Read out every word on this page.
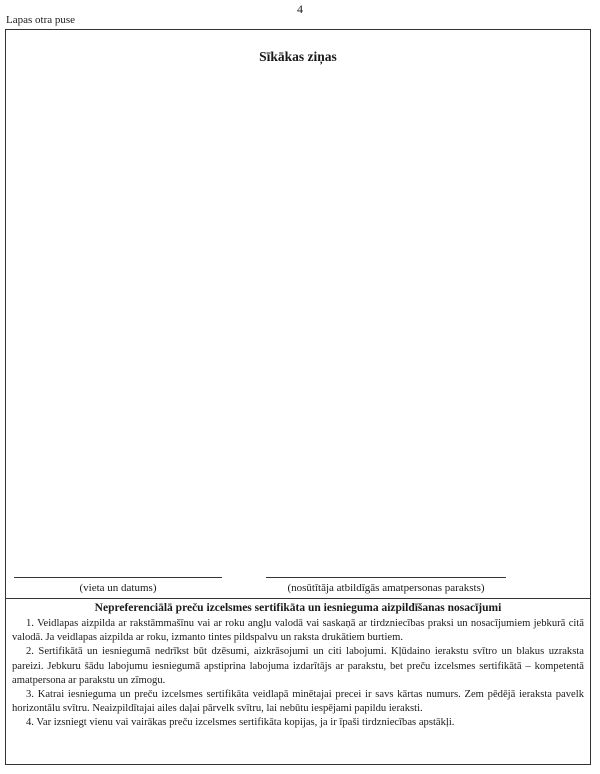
4
Lapas otra puse
Sīkākas ziņas
(vieta un datums)	(nosūtītāja atbildīgās amatpersonas paraksts)
Nepreferenciālā preču izcelsmes sertifikāta un iesnieguma aizpildīšanas nosacījumi

1. Veidlapas aizpilda ar rakstāmmašīnu vai ar roku angļu valodā vai saskaņā ar tirdzniecības praksi un nosacījumiem jebkurā citā valodā. Ja veidlapas aizpilda ar roku, izmanto tintes pildspalvu un raksta drukātiem burtiem.

2. Sertifikātā un iesniegumā nedrīkst būt dzēsumi, aizkrāsojumi un citi labojumi. Kļūdaino ierakstu svītro un blakus uzraksta pareizi. Jebkuru šādu labojumu iesniegumā apstiprina labojuma izdarītājs ar parakstu, bet preču izcelsmes sertifikātā – kompetentā amatpersona ar parakstu un zīmogu.

3. Katrai iesnieguma un preču izcelsmes sertifikāta veidlapā minētajai precei ir savs kārtas numurs. Zem pēdējā ieraksta pavelk horizontālu svītru. Neaizpildītajai ailes daļai pārvelk svītru, lai nebūtu iespējami papildu ieraksti.

4. Var izsniegt vienu vai vairākas preču izcelsmes sertifikāta kopijas, ja ir īpaši tirdzniecības apstākļi.
